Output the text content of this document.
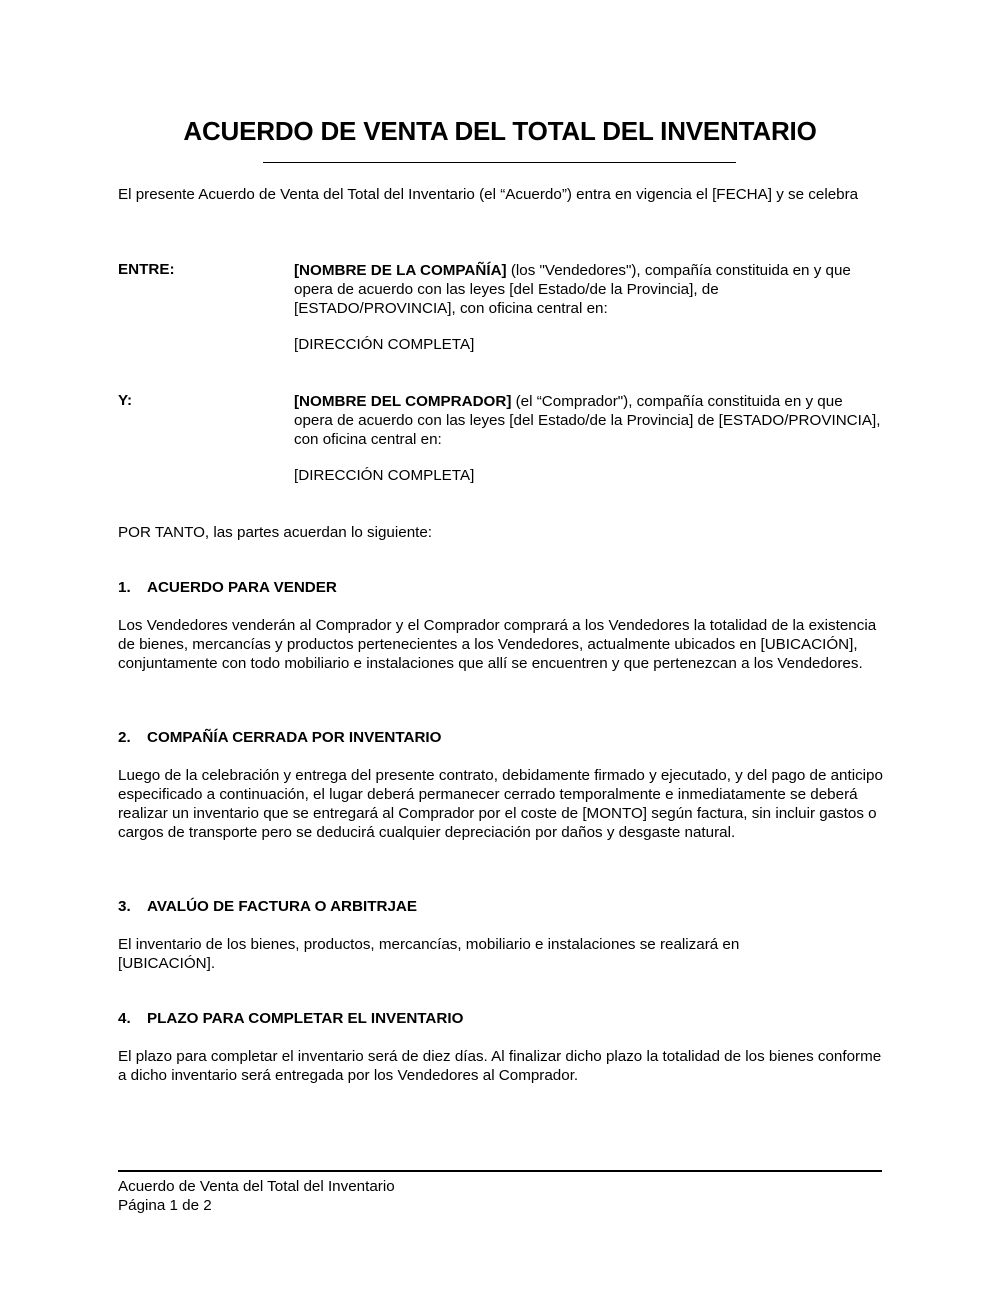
ACUERDO DE VENTA DEL TOTAL DEL INVENTARIO
El presente Acuerdo de Venta del Total del Inventario (el “Acuerdo”) entra en vigencia el [FECHA] y se celebra
ENTRE:	[NOMBRE DE LA COMPAÑÍA] (los "Vendedores"), compañía constituida en y que opera de acuerdo con las leyes [del Estado/de la Provincia], de [ESTADO/PROVINCIA], con oficina central en:
[DIRECCIÓN COMPLETA]
Y:	[NOMBRE DEL COMPRADOR] (el “Comprador"), compañía constituida en y que opera de acuerdo con las leyes [del Estado/de la Provincia] de [ESTADO/PROVINCIA], con oficina central en:
[DIRECCIÓN COMPLETA]
POR TANTO, las partes acuerdan lo siguiente:
1. ACUERDO PARA VENDER
Los Vendedores venderán al Comprador y el Comprador comprará a los Vendedores la totalidad de la existencia de bienes, mercancías y productos pertenecientes a los Vendedores, actualmente ubicados en [UBICACIÓN], conjuntamente con todo mobiliario e instalaciones que allí se encuentren y que pertenezcan a los Vendedores.
2. COMPAÑÍA CERRADA POR INVENTARIO
Luego de la celebración y entrega del presente contrato, debidamente firmado y ejecutado, y del pago de anticipo especificado a continuación, el lugar deberá permanecer cerrado temporalmente e inmediatamente se deberá realizar un inventario que se entregará al Comprador por el coste de [MONTO] según factura, sin incluir gastos o cargos de transporte pero se deducirá cualquier depreciación por daños y desgaste natural.
3. AVALÚO DE FACTURA O ARBITRJAE
El inventario de los bienes, productos, mercancías, mobiliario e instalaciones se realizará en [UBICACIÓN].
4. PLAZO PARA COMPLETAR EL INVENTARIO
El plazo para completar el inventario será de diez días. Al finalizar dicho plazo la totalidad de los bienes conforme a dicho inventario será entregada por los Vendedores al Comprador.
Acuerdo de Venta del Total del Inventario
Página 1 de 2
